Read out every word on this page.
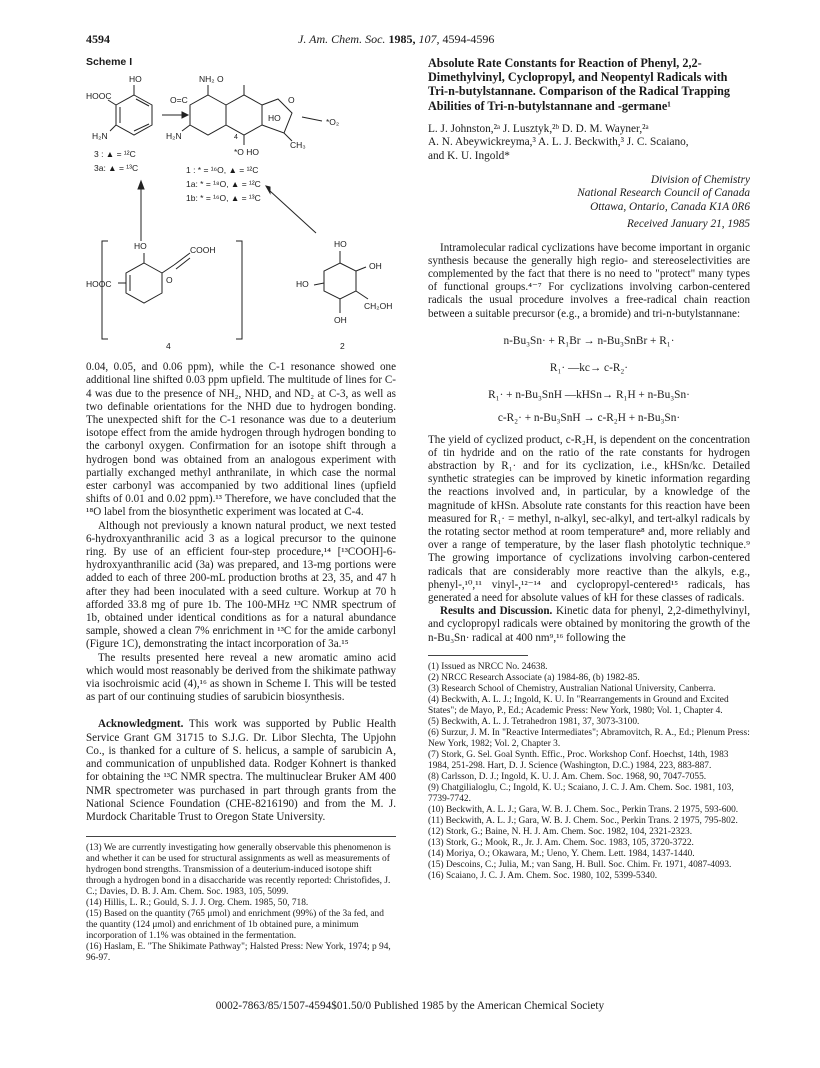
4594	J. Am. Chem. Soc. 1985, 107, 4594-4596
Scheme I
HO
HOOC
H₂N
3 : ▲ = ¹²C
3a: ▲ = ¹³C
NH₂ O
O=C
H₂N
HO
O
CH₃
*O HO
4
*O₂
1 : * = ¹⁶O, ▲ = ¹²C
1a: * = ¹⁸O, ▲ = ¹²C
1b: * = ¹⁶O, ▲ = ¹³C
HO	COOH
HOOC	O
4
HO
OH
HO
CH₂OH
OH
2

0.04, 0.05, and 0.06 ppm), while the C-1 resonance showed one additional line shifted 0.03 ppm upfield. The multitude of lines for C-4 was due to the presence of NH₂, NHD, and ND₂ at C-3, as well as two definable orientations for the NHD due to hydrogen bonding. The unexpected shift for the C-1 resonance was due to a deuterium isotope effect from the amide hydrogen through hydrogen bonding to the carbonyl oxygen. Confirmation for an isotope shift through a hydrogen bond was obtained from an analogous experiment with partially exchanged methyl anthranilate, in which case the normal ester carbonyl was accompanied by two additional lines (upfield shifts of 0.01 and 0.02 ppm).¹³ Therefore, we have concluded that the ¹⁸O label from the biosynthetic experiment was located at C-4.

Although not previously a known natural product, we next tested 6-hydroxyanthranilic acid 3 as a logical precursor to the quinone ring. By use of an efficient four-step procedure,¹⁴ [¹³COOH]-6-hydroxyanthranilic acid (3a) was prepared, and 13-mg portions were added to each of three 200-mL production broths at 23, 35, and 47 h after they had been inoculated with a seed culture. Workup at 70 h afforded 33.8 mg of pure 1b. The 100-MHz ¹³C NMR spectrum of 1b, obtained under identical conditions as for a natural abundance sample, showed a clean 7% enrichment in ¹³C for the amide carbonyl (Figure 1C), demonstrating the intact incorporation of 3a.¹⁵

The results presented here reveal a new aromatic amino acid which would most reasonably be derived from the shikimate pathway via isochroismic acid (4),¹⁶ as shown in Scheme I. This will be tested as part of our continuing studies of sarubicin biosynthesis.

Acknowledgment. This work was supported by Public Health Service Grant GM 31715 to S.J.G. Dr. Libor Slechta, The Upjohn Co., is thanked for a culture of S. helicus, a sample of sarubicin A, and communication of unpublished data. Rodger Kohnert is thanked for obtaining the ¹³C NMR spectra. The multinuclear Bruker AM 400 NMR spectrometer was purchased in part through grants from the National Science Foundation (CHE-8216190) and from the M. J. Murdock Charitable Trust to Oregon State University.

(13) We are currently investigating how generally observable this phenomenon is and whether it can be used for structural assignments as well as measurements of hydrogen bond strengths. Transmission of a deuterium-induced isotope shift through a hydrogen bond in a disaccharide was recently reported: Christofides, J. C.; Davies, D. B. J. Am. Chem. Soc. 1983, 105, 5099.

(14) Hillis, L. R.; Gould, S. J. J. Org. Chem. 1985, 50, 718.

(15) Based on the quantity (765 μmol) and enrichment (99%) of the 3a fed, and the quantity (124 μmol) and enrichment of 1b obtained pure, a minimum incorporation of 1.1% was obtained in the fermentation.

(16) Haslam, E. "The Shikimate Pathway"; Halsted Press: New York, 1974; p 94, 96-97.

Absolute Rate Constants for Reaction of Phenyl, 2,2-Dimethylvinyl, Cyclopropyl, and Neopentyl Radicals with Tri-n-butylstannane. Comparison of the Radical Trapping Abilities of Tri-n-butylstannane and -germane¹
L. J. Johnston,²ᵃ J. Lusztyk,²ᵇ D. D. M. Wayner,²ᵃ
A. N. Abeywickreyma,³ A. L. J. Beckwith,³ J. C. Scaiano,
and K. U. Ingold*
Division of Chemistry
National Research Council of Canada
Ottawa, Ontario, Canada K1A 0R6
Received January 21, 1985

Intramolecular radical cyclizations have become important in organic synthesis because the generally high regio- and stereoselectivities are complemented by the fact that there is no need to "protect" many types of functional groups.⁴⁻⁷ For cyclizations involving carbon-centered radicals the usual procedure involves a free-radical chain reaction between a suitable precursor (e.g., a bromide) and tri-n-butylstannane:

n-Bu₃Sn· + R₁Br → n-Bu₃SnBr + R₁·
R₁· —kc→ c-R₂·
R₁· + n-Bu₃SnH —kHSn→ R₁H + n-Bu₃Sn·
c-R₂· + n-Bu₃SnH → c-R₂H + n-Bu₃Sn·

The yield of cyclized product, c-R₂H, is dependent on the concentration of tin hydride and on the ratio of the rate constants for hydrogen abstraction by R₁· and for its cyclization, i.e., kHSn/kc. Detailed synthetic strategies can be improved by kinetic information regarding the reactions involved and, in particular, by a knowledge of the magnitude of kHSn. Absolute rate constants for this reaction have been measured for R₁· = methyl, n-alkyl, sec-alkyl, and tert-alkyl radicals by the rotating sector method at room temperature⁸ and, more reliably and over a range of temperature, by the laser flash photolytic technique.⁹ The growing importance of cyclizations involving carbon-centered radicals that are considerably more reactive than the alkyls, e.g., phenyl-,¹⁰,¹¹ vinyl-,¹²⁻¹⁴ and cyclopropyl-centered¹⁵ radicals, has generated a need for absolute values of kH for these classes of radicals.

Results and Discussion. Kinetic data for phenyl, 2,2-dimethylvinyl, and cyclopropyl radicals were obtained by monitoring the growth of the n-Bu₃Sn· radical at 400 nm⁹,¹⁶ following the

(1) Issued as NRCC No. 24638.

(2) NRCC Research Associate (a) 1984-86, (b) 1982-85.

(3) Research School of Chemistry, Australian National University, Canberra.

(4) Beckwith, A. L. J.; Ingold, K. U. In "Rearrangements in Ground and Excited States"; de Mayo, P., Ed.; Academic Press: New York, 1980; Vol. 1, Chapter 4.

(5) Beckwith, A. L. J. Tetrahedron 1981, 37, 3073-3100.

(6) Surzur, J. M. In "Reactive Intermediates"; Abramovitch, R. A., Ed.; Plenum Press: New York, 1982; Vol. 2, Chapter 3.

(7) Stork, G. Sel. Goal Synth. Effic., Proc. Workshop Conf. Hoechst, 14th, 1983 1984, 251-298. Hart, D. J. Science (Washington, D.C.) 1984, 223, 883-887.

(8) Carlsson, D. J.; Ingold, K. U. J. Am. Chem. Soc. 1968, 90, 7047-7055.

(9) Chatgilialoglu, C.; Ingold, K. U.; Scaiano, J. C. J. Am. Chem. Soc. 1981, 103, 7739-7742.

(10) Beckwith, A. L. J.; Gara, W. B. J. Chem. Soc., Perkin Trans. 2 1975, 593-600.

(11) Beckwith, A. L. J.; Gara, W. B. J. Chem. Soc., Perkin Trans. 2 1975, 795-802.

(12) Stork, G.; Baine, N. H. J. Am. Chem. Soc. 1982, 104, 2321-2323.

(13) Stork, G.; Mook, R., Jr. J. Am. Chem. Soc. 1983, 105, 3720-3722.

(14) Moriya, O.; Okawara, M.; Ueno, Y. Chem. Lett. 1984, 1437-1440.

(15) Descoins, C.; Julia, M.; van Sang, H. Bull. Soc. Chim. Fr. 1971, 4087-4093.

(16) Scaiano, J. C. J. Am. Chem. Soc. 1980, 102, 5399-5340.

0002-7863/85/1507-4594$01.50/0 Published 1985 by the American Chemical Society
